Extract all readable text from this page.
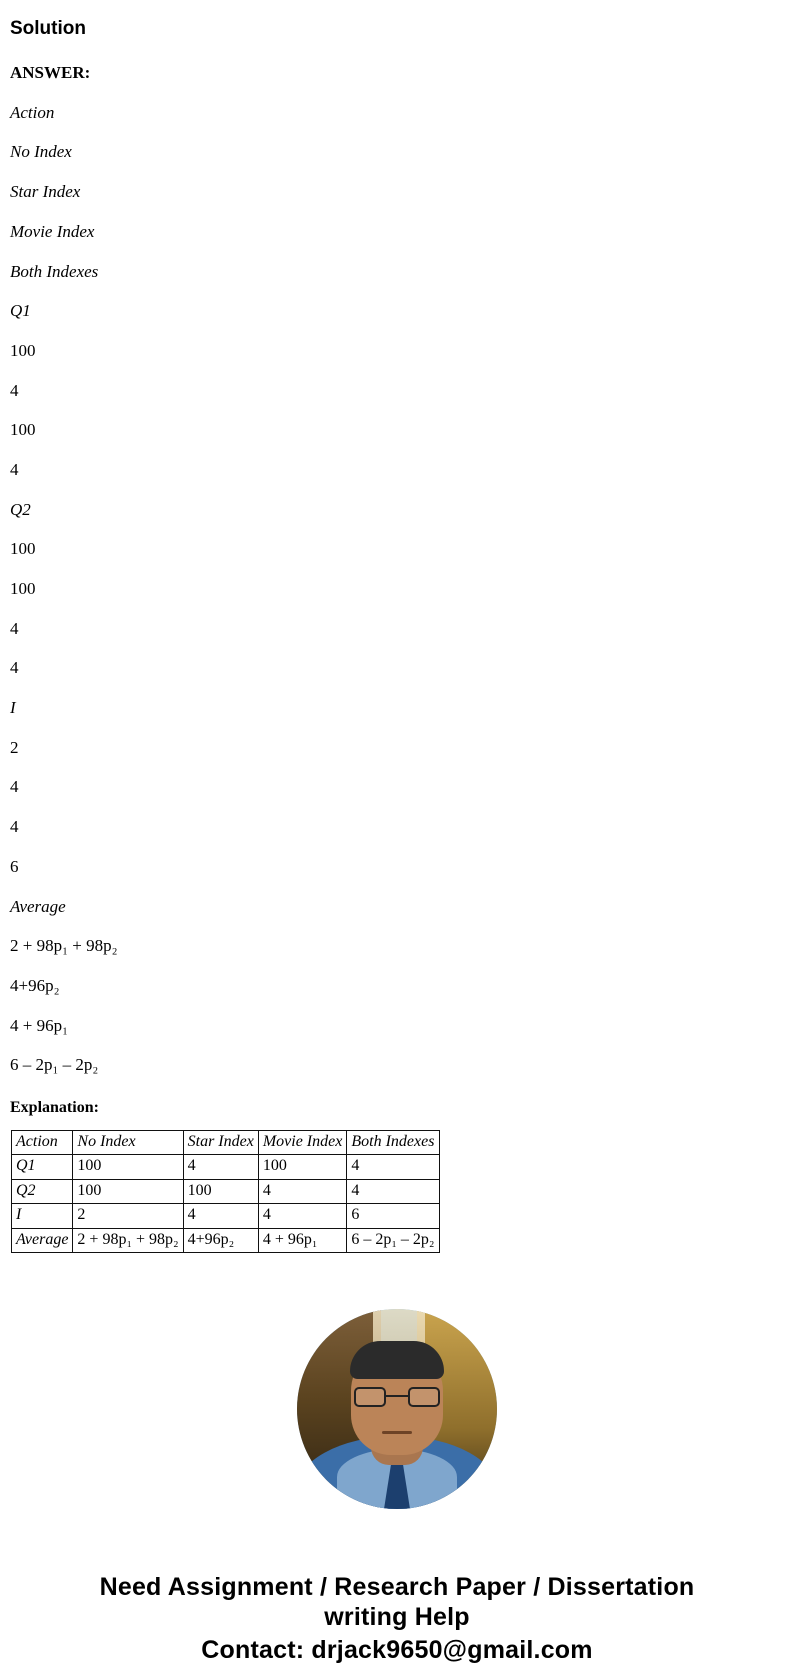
Solution

ANSWER:

Action

No Index

Star Index

Movie Index

Both Indexes

Q1

100

4

100

4

Q2

100

100

4

4

I

2

4

4

6

Average

2 + 98p₁ + 98p₂

4+96p₂

4 + 96p₁

6 – 2p₁ – 2p₂

Explanation:

Action	No Index	Star Index	Movie Index	Both Indexes
Q1	100	4	100	4
Q2	100	100	4	4
I	2	4	4	6
Average	2 + 98p₁ + 98p₂	4+96p₂	4 + 96p₁	6 – 2p₁ – 2p₂
Need Assignment / Research Paper / Dissertation
writing Help
Contact: drjack9650@gmail.com
